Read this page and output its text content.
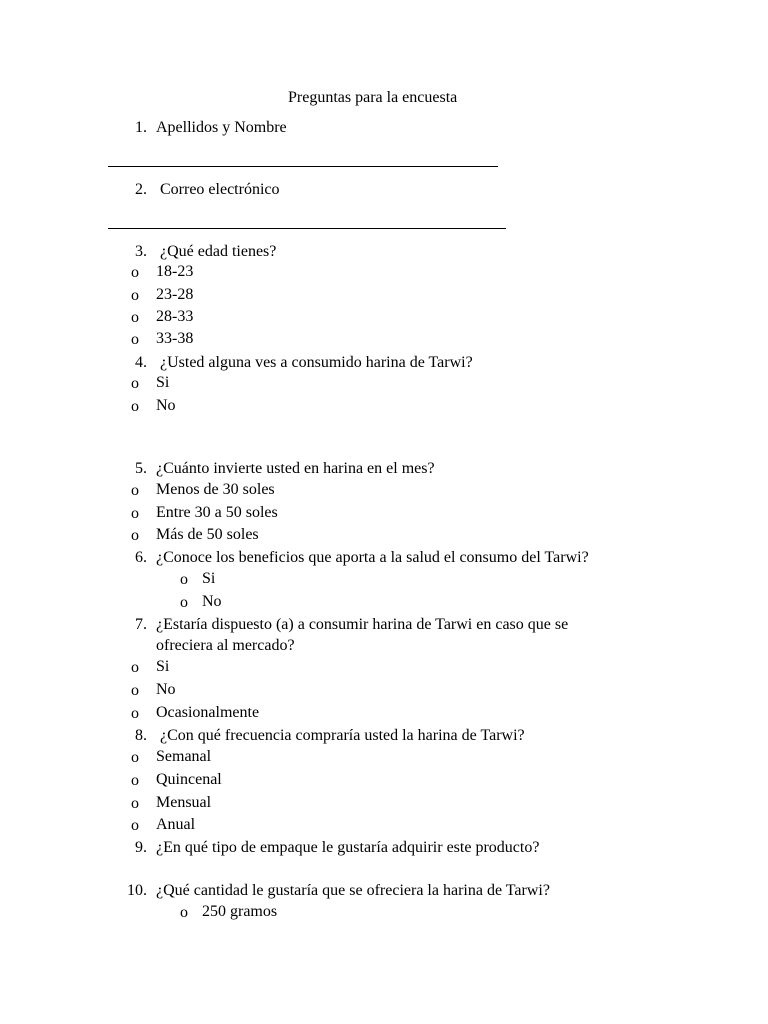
Preguntas para la encuesta
1. Apellidos y Nombre
2. Correo electrónico
3. ¿Qué edad tienes?
o 18-23
o 23-28
o 28-33
o 33-38
4. ¿Usted alguna ves a consumido harina de Tarwi?
o Si
o No
5. ¿Cuánto invierte usted en harina en el mes?
o Menos de 30 soles
o Entre 30 a 50 soles
o Más de 50 soles
6. ¿Conoce los beneficios que aporta a la salud el consumo del Tarwi?
o Si
o No
7. ¿Estaría dispuesto (a) a consumir harina de Tarwi en caso que se
ofreciera al mercado?
o Si
o No
o Ocasionalmente
8. ¿Con qué frecuencia compraría usted la harina de Tarwi?
o Semanal
o Quincenal
o Mensual
o Anual
9. ¿En qué tipo de empaque le gustaría adquirir este producto?
10. ¿Qué cantidad le gustaría que se ofreciera la harina de Tarwi?
o 250 gramos
